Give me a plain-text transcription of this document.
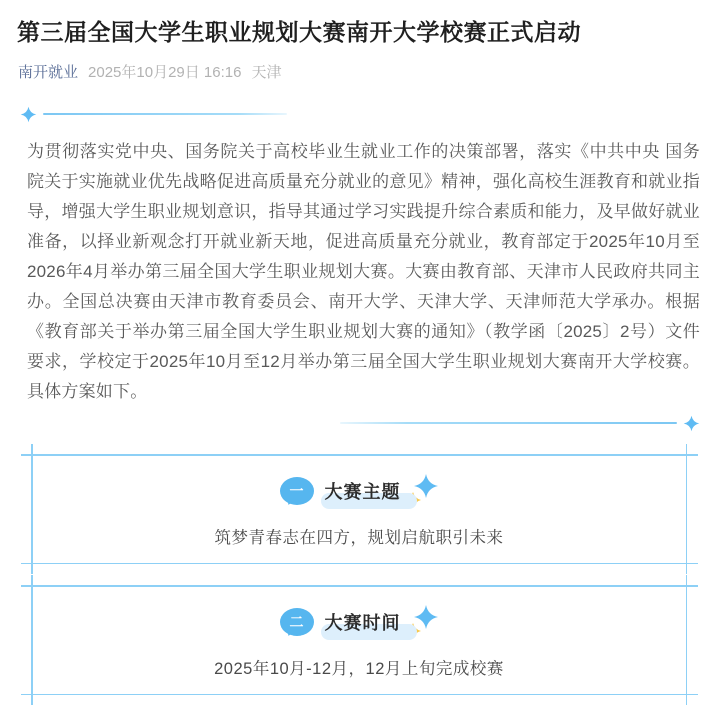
第三届全国大学生职业规划大赛南开大学校赛正式启动
南开就业 2025年10月29日 16:16 天津

为贯彻落实党中央、国务院关于高校毕业生就业工作的决策部署，落实《中共中央 国务院关于实施就业优先战略促进高质量充分就业的意见》精神，强化高校生涯教育和就业指导，增强大学生职业规划意识，指导其通过学习实践提升综合素质和能力，及早做好就业准备，以择业新观念打开就业新天地，促进高质量充分就业，教育部定于2025年10月至2026年4月举办第三届全国大学生职业规划大赛。大赛由教育部、天津市人民政府共同主办。全国总决赛由天津市教育委员会、南开大学、天津大学、天津师范大学承办。根据《教育部关于举办第三届全国大学生职业规划大赛的通知》（教学函〔2025〕2号）文件要求，学校定于2025年10月至12月举办第三届全国大学生职业规划大赛南开大学校赛。具体方案如下。

一 大赛主题

筑梦青春志在四方，规划启航职引未来

二 大赛时间

2025年10月-12月，12月上旬完成校赛
